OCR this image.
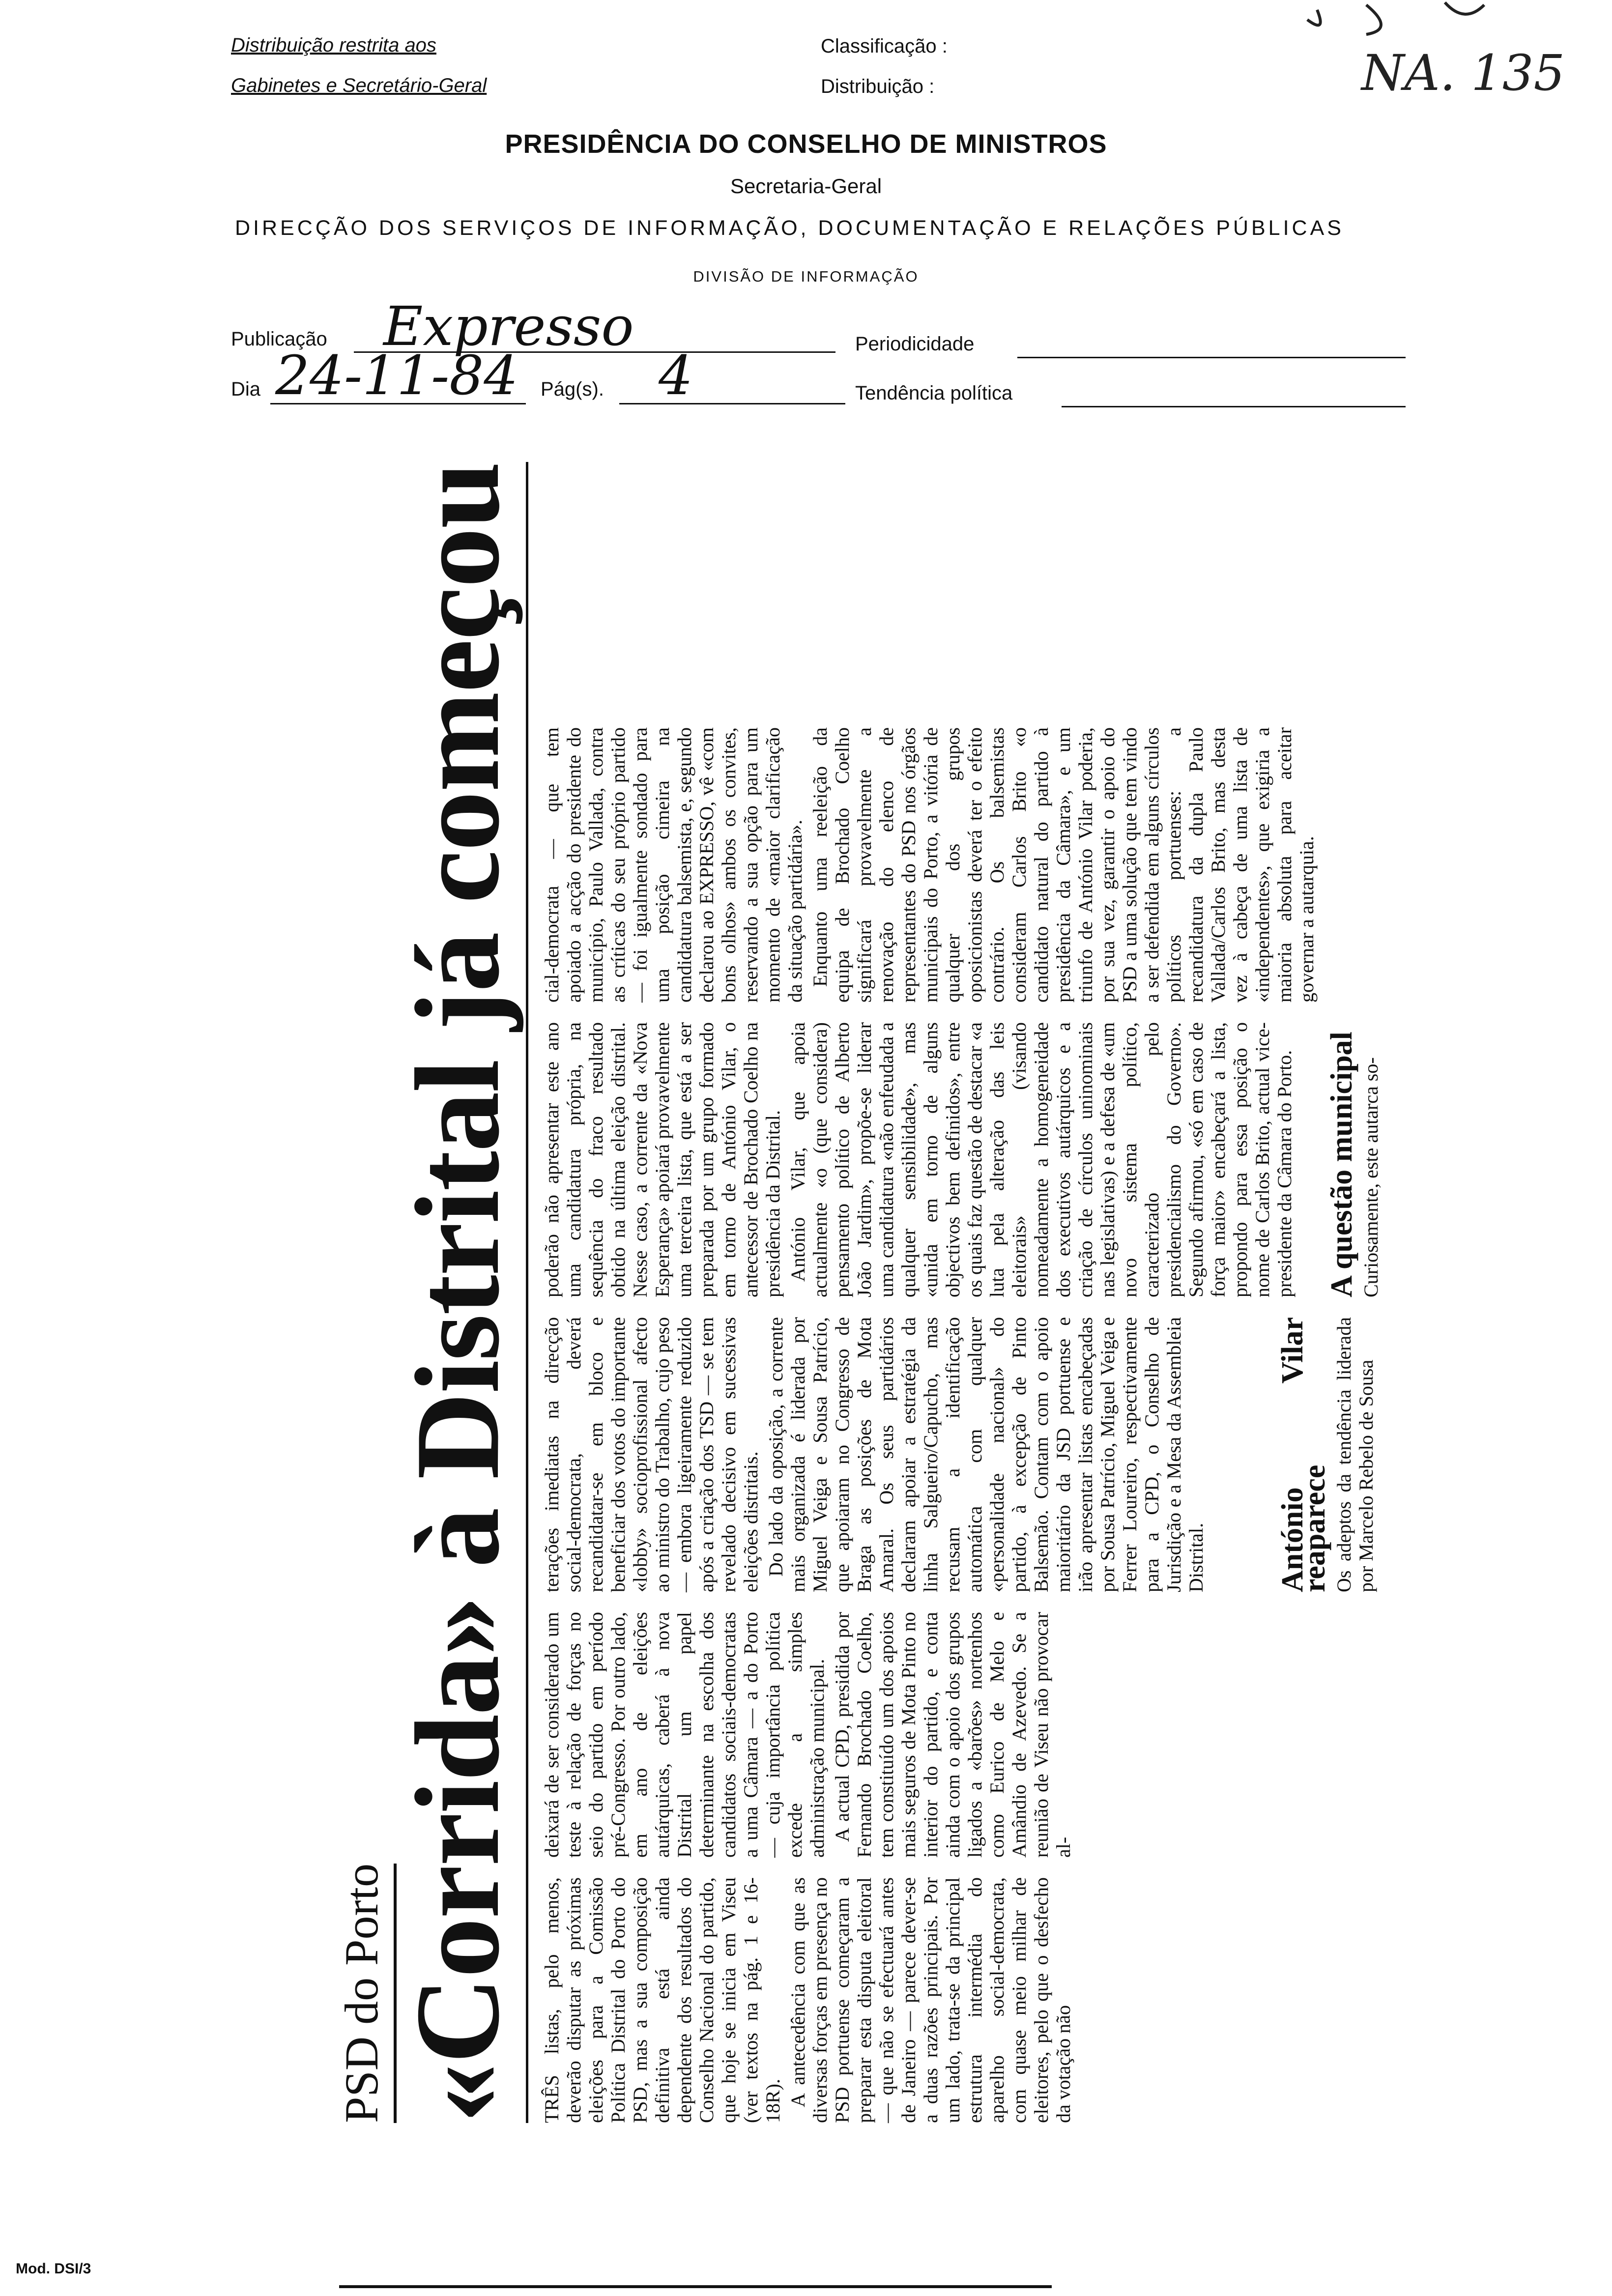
Distribuição restrita aos
Gabinetes e Secretário-Geral
Classificação :
Distribuição :	NA. 135
PRESIDÊNCIA DO CONSELHO DE MINISTROS
Secretaria-Geral
DIRECÇÃO DOS SERVIÇOS DE INFORMAÇÃO, DOCUMENTAÇÃO E RELAÇÕES PÚBLICAS
DIVISÃO DE INFORMAÇÃO
Publicação Expresso	Periodicidade
Dia 24-11-84 Pág(s). 4	Tendência política
PSD do Porto «Corrida» à Distrital já começou TRÊS listas, pelo menos, deverão disputar as próximas eleições para a Comissão Política Distrital do Porto do PSD, mas a sua composição definitiva está ainda dependente dos resultados do Conselho Nacional do partido, que hoje se inicia em Viseu (ver textos na pág. 1 e 16-18R). A antecedência com que as diversas forças em presença no PSD portuense começaram a preparar esta disputa eleitoral — que não se efectuará antes de Janeiro — parece dever-se a duas razões principais. Por um lado, trata-se da principal estrutura intermédia do aparelho social-democrata, com quase meio milhar de eleitores, pelo que o desfecho da votação não

deixará de ser considerado um teste à relação de forças no seio do partido em período pré-Congresso. Por outro lado, em ano de eleições autárquicas, caberá à nova Distrital um papel determinante na escolha dos candidatos sociais-democratas a uma Câmara — a do Porto — cuja importância política excede a simples administração municipal. A actual CPD, presidida por Fernando Brochado Coelho, tem constituído um dos apoios mais seguros de Mota Pinto no interior do partido, e conta ainda com o apoio dos grupos ligados a «barões» nortenhos como Eurico de Melo e Amândio de Azevedo. Se a reunião de Viseu não provocar al-

terações imediatas na direcção social-democrata, deverá recandidatar-se em bloco e beneficiar dos votos do importante «lobby» socioprofissional afecto ao ministro do Trabalho, cujo peso — embora ligeiramente reduzido após a criação dos TSD — se tem revelado decisivo em sucessivas eleições distritais. Do lado da oposição, a corrente mais organizada é liderada por Miguel Veiga e Sousa Patrício, que apoiaram no Congresso de Braga as posições de Mota Amaral. Os seus partidários declaram apoiar a estratégia da linha Salgueiro/Capucho, mas recusam a identificação automática com qualquer «personalidade nacional» do partido, à excepção de Pinto Balsemão. Contam com o apoio maioritário da JSD portuense e irão apresentar listas encabeçadas por Sousa Patrício, Miguel Veiga e Ferrer Loureiro, respectivamente para a CPD, o Conselho de Jurisdição e a Mesa da Assembleia Distrital.

poderão não apresentar este ano uma candidatura própria, na sequência do fraco resultado obtido na última eleição distrital. Nesse caso, a corrente da «Nova Esperança» apoiará provavelmente uma terceira lista, que está a ser preparada por um grupo formado em torno de António Vilar, o antecessor de Brochado Coelho na presidência da Distrital. António Vilar, que apoia actualmente «o (que considera) pensamento político de Alberto João Jardim», propõe-se liderar uma candidatura «não enfeudada a qualquer sensibilidade», mas «unida em torno de alguns objectivos bem definidos», entre os quais faz questão de destacar «a luta pela alteração das leis eleitorais» (visando nomeadamente a homogeneidade dos executivos autárquicos e a criação de círculos uninominais nas legislativas) e a defesa de «um novo sistema político, caracterizado pelo presidencialismo do Governo». Segundo afirmou, «só em caso de força maior» encabeçará a lista, propondo para essa posição o nome de Carlos Brito, actual vice-presidente da Câmara do Porto.

cial-democrata — que tem apoiado a acção do presidente do município, Paulo Vallada, contra as críticas do seu próprio partido — foi igualmente sondado para uma posição cimeira na candidatura balsemista, e, segundo declarou ao EXPRESSO, vê «com bons olhos» ambos os convites, reservando a sua opção para um momento de «maior clarificação da situação partidária». Enquanto uma reeleição da equipa de Brochado Coelho significará provavelmente a renovação do elenco de representantes do PSD nos órgãos municipais do Porto, a vitória de qualquer dos grupos oposicionistas deverá ter o efeito contrário. Os balsemistas consideram Carlos Brito «o candidato natural do partido à presidência da Câmara», e um triunfo de António Vilar poderia, por sua vez, garantir o apoio do PSD a uma solução que tem vindo a ser defendida em alguns círculos políticos portuenses: a recandidatura da dupla Paulo Vallada/Carlos Brito, mas desta vez à cabeça de uma lista de «independentes», que exigiria a maioria absoluta para aceitar governar a autarquia.

António Vilar reaparece Os adeptos da tendência liderada por Marcelo Rebelo de Sousa
A questão municipal Curiosamente, este autarca so-
Mod. DSI/3
